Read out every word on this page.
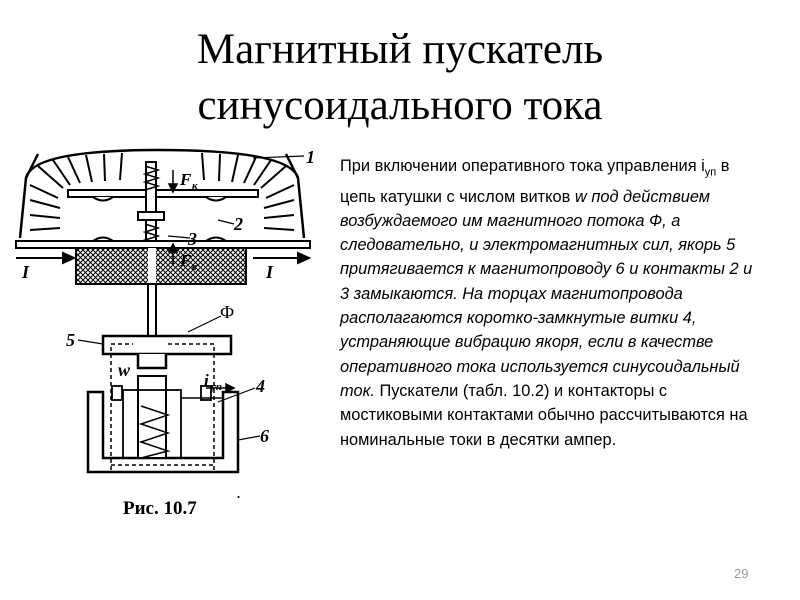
Магнитный пускатель
синусоидального тока
1
2
3
4
5
6
I	I
Ф
w
F к
F в
i уп
Рис. 10.7
.
При включении оперативного тока управления $i_{уп}$ в цепь катушки с числом витков w под действием возбуждаемого им магнитного потока Ф, а следовательно, и электромагнитных сил, якорь 5 притягивается к магнитопроводу 6 и контакты 2 и 3 замыкаются. На торцах магнитопровода располагаются коротко-замкнутые витки 4, устраняющие вибрацию якоря, если в качестве оперативного тока используется синусоидальный ток. Пускатели (табл. 10.2) и контакторы с мостиковыми контактами обычно рассчитываются на номинальные токи в десятки ампер.
29
